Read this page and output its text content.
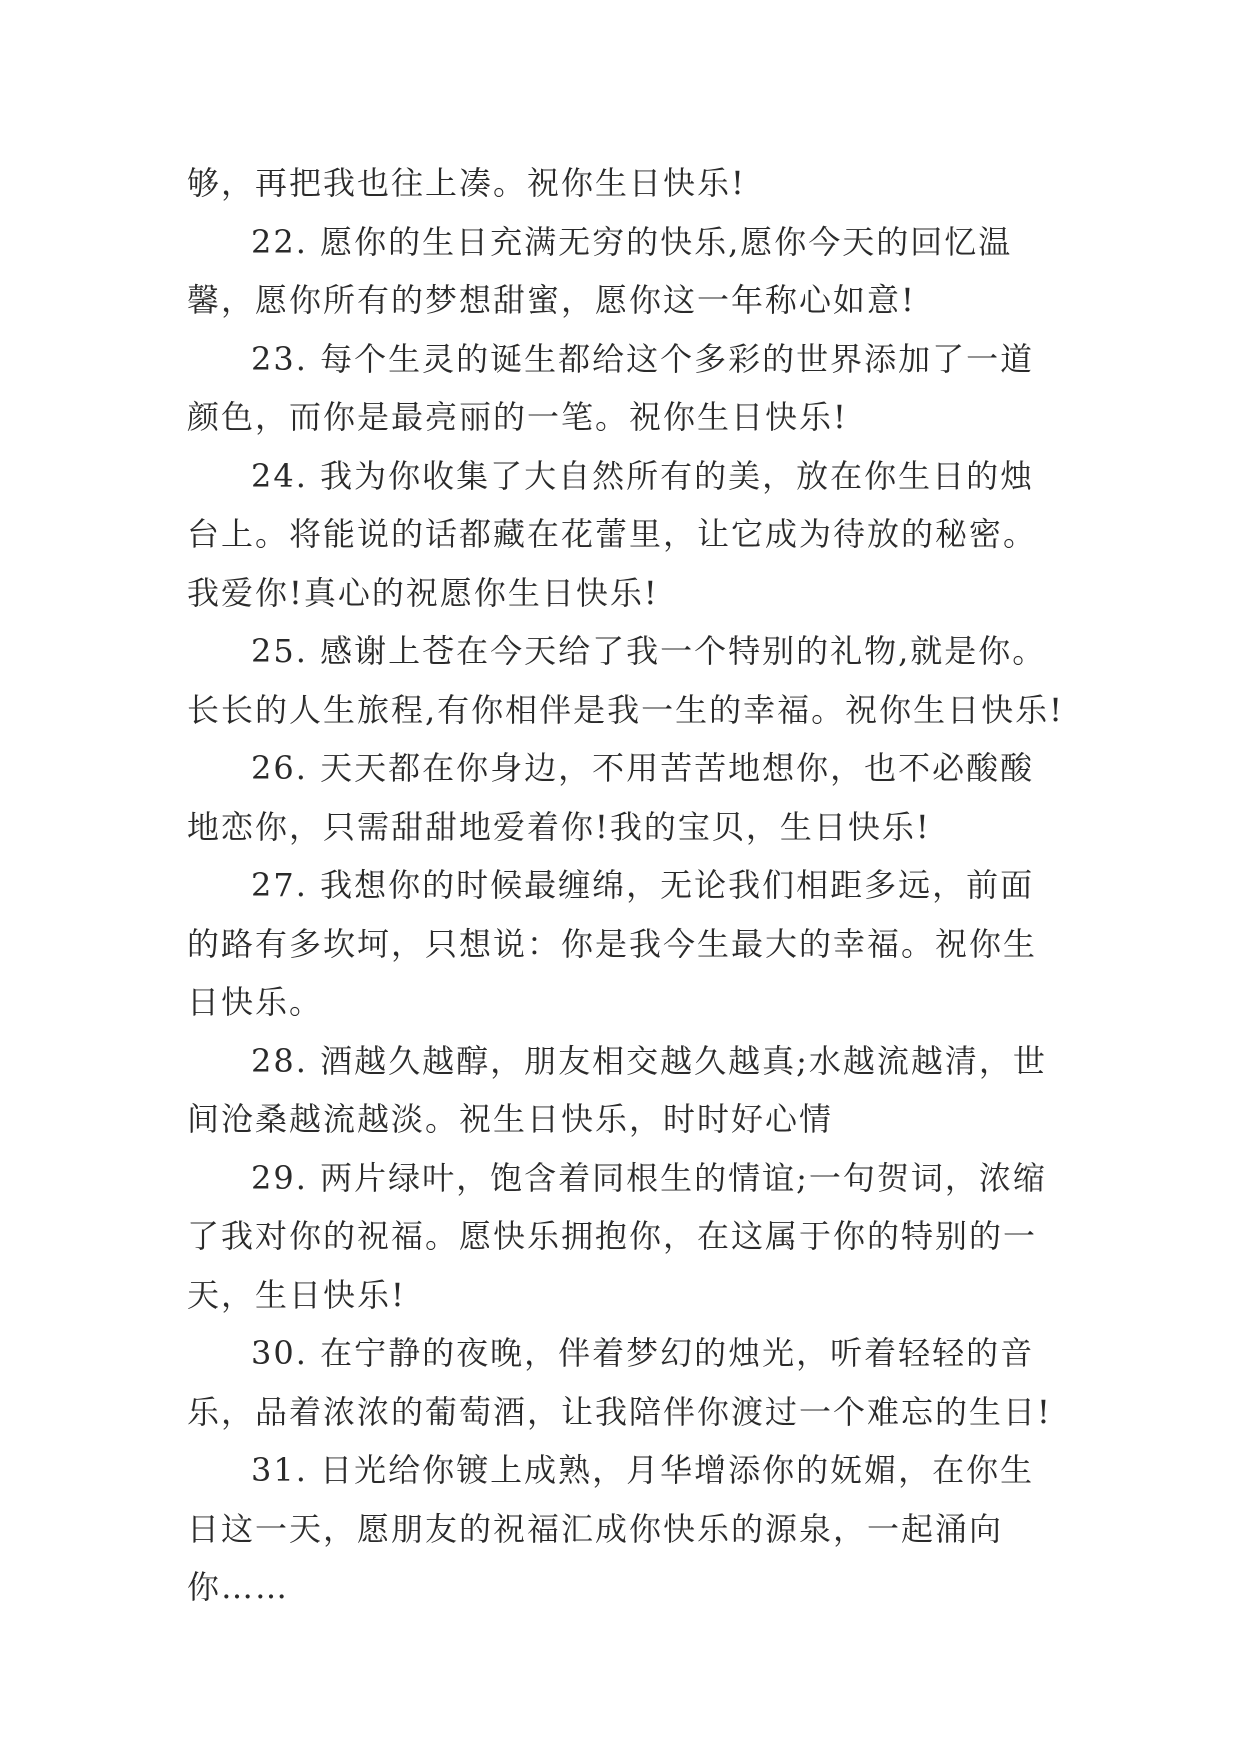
够，再把我也往上凑。祝你生日快乐!

22. 愿你的生日充满无穷的快乐,愿你今天的回忆温馨，愿你所有的梦想甜蜜，愿你这一年称心如意!

23. 每个生灵的诞生都给这个多彩的世界添加了一道颜色，而你是最亮丽的一笔。祝你生日快乐!

24. 我为你收集了大自然所有的美，放在你生日的烛台上。将能说的话都藏在花蕾里，让它成为待放的秘密。我爱你!真心的祝愿你生日快乐!

25. 感谢上苍在今天给了我一个特别的礼物,就是你。长长的人生旅程,有你相伴是我一生的幸福。祝你生日快乐!

26. 天天都在你身边，不用苦苦地想你，也不必酸酸地恋你，只需甜甜地爱着你!我的宝贝，生日快乐!

27. 我想你的时候最缠绵，无论我们相距多远，前面的路有多坎坷，只想说：你是我今生最大的幸福。祝你生日快乐。

28. 酒越久越醇，朋友相交越久越真;水越流越清，世间沧桑越流越淡。祝生日快乐，时时好心情

29. 两片绿叶，饱含着同根生的情谊;一句贺词，浓缩了我对你的祝福。愿快乐拥抱你，在这属于你的特别的一天，生日快乐!

30. 在宁静的夜晚，伴着梦幻的烛光，听着轻轻的音乐，品着浓浓的葡萄酒，让我陪伴你渡过一个难忘的生日!

31. 日光给你镀上成熟，月华增添你的妩媚，在你生日这一天，愿朋友的祝福汇成你快乐的源泉，一起涌向你……
